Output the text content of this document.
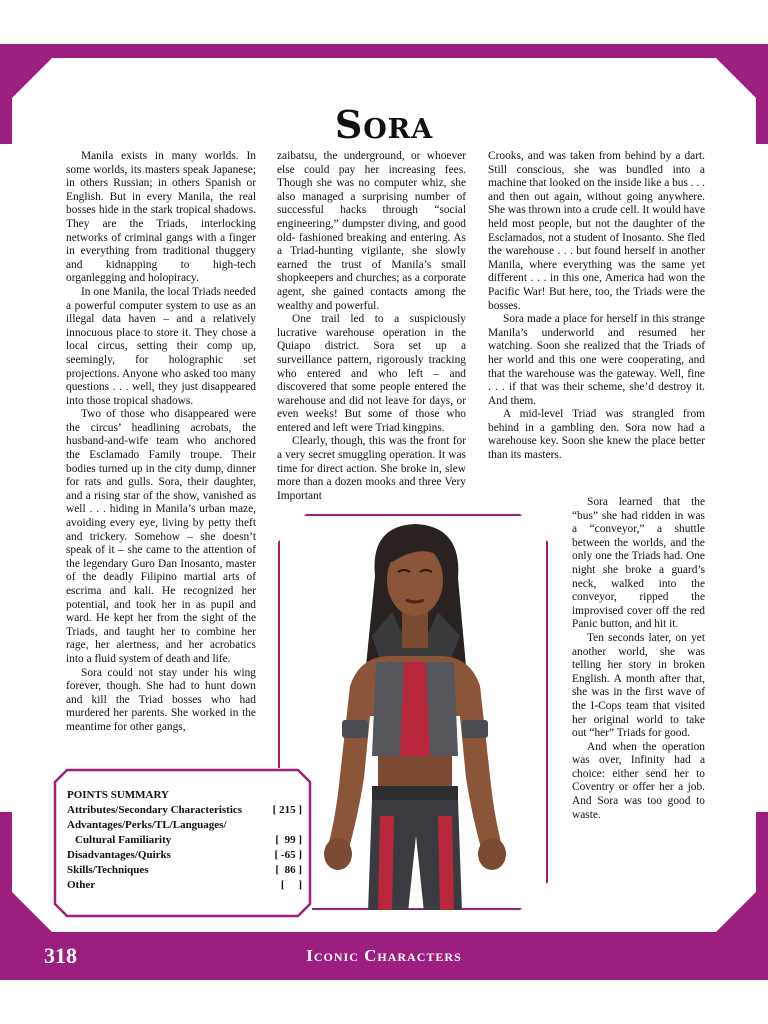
Sora

Manila exists in many worlds. In some worlds, its masters speak Japanese; in others Russian; in others Spanish or English. But in every Manila, the real bosses hide in the stark tropical shadows. They are the Triads, interlocking networks of criminal gangs with a finger in everything from traditional thuggery and kidnapping to high-tech organlegging and holopiracy.

In one Manila, the local Triads needed a powerful computer system to use as an illegal data haven – and a relatively innocuous place to store it. They chose a local circus, setting their comp up, seemingly, for holographic set projections. Anyone who asked too many questions . . . well, they just disappeared into those tropical shadows.

Two of those who disappeared were the circus’ headlining acrobats, the husband-and-wife team who anchored the Esclamado Family troupe. Their bodies turned up in the city dump, dinner for rats and gulls. Sora, their daughter, and a rising star of the show, vanished as well . . . hiding in Manila’s urban maze, avoiding every eye, living by petty theft and trickery. Somehow – she doesn’t speak of it – she came to the attention of the legendary Guro Dan Inosanto, master of the deadly Filipino martial arts of escrima and kali. He recognized her potential, and took her in as pupil and ward. He kept her from the sight of the Triads, and taught her to combine her rage, her alertness, and her acrobatics into a fluid system of death and life.

Sora could not stay under his wing forever, though. She had to hunt down and kill the Triad bosses who had murdered her parents. She worked in the meantime for other gangs,

zaibatsu, the underground, or whoever else could pay her increasing fees. Though she was no computer whiz, she also managed a surprising number of successful hacks through “social engineering,” dumpster diving, and good old- fashioned breaking and entering. As a Triad-hunting vigilante, she slowly earned the trust of Manila’s small shopkeepers and churches; as a corporate agent, she gained contacts among the wealthy and powerful.

One trail led to a suspiciously lucrative warehouse operation in the Quiapo district. Sora set up a surveillance pattern, rigorously tracking who entered and who left – and discovered that some people entered the warehouse and did not leave for days, or even weeks! But some of those who entered and left were Triad kingpins.

Clearly, though, this was the front for a very secret smuggling operation. It was time for direct action. She broke in, slew more than a dozen mooks and three Very Important

Crooks, and was taken from behind by a dart. Still conscious, she was bundled into a machine that looked on the inside like a bus . . . and then out again, without going anywhere. She was thrown into a crude cell. It would have held most people, but not the daughter of the Esclamados, not a student of Inosanto. She fled the warehouse . . . but found herself in another Manila, where everything was the same yet different . . . in this one, America had won the Pacific War! But here, too, the Triads were the bosses.

Sora made a place for herself in this strange Manila’s underworld and resumed her watching. Soon she realized that the Triads of her world and this one were cooperating, and that the warehouse was the gateway. Well, fine . . . if that was their scheme, she’d destroy it. And them.

A mid-level Triad was strangled from behind in a gambling den. Sora now had a warehouse key. Soon she knew the place better than its masters.

Sora learned that the “bus” she had ridden in was a “conveyor,” a shuttle between the worlds, and the only one the Triads had. One night she broke a guard’s neck, walked into the conveyor, ripped the improvised cover off the red Panic button, and hit it.

Ten seconds later, on yet another world, she was telling her story in broken English. A month after that, she was in the first wave of the I-Cops team that visited her original world to take out “her” Triads for good.

And when the operation was over, Infinity had a choice: either send her to Coventry or offer her a job. And Sora was too good to waste.

POINTS SUMMARY
Attributes/Secondary Characteristics	[ 215 ]
Advantages/Perks/TL/Languages/
Cultural Familiarity	[  99 ]
Disadvantages/Quirks	[ -65 ]
Skills/Techniques	[  86 ]
Other	[     ]
318	Iconic Characters
